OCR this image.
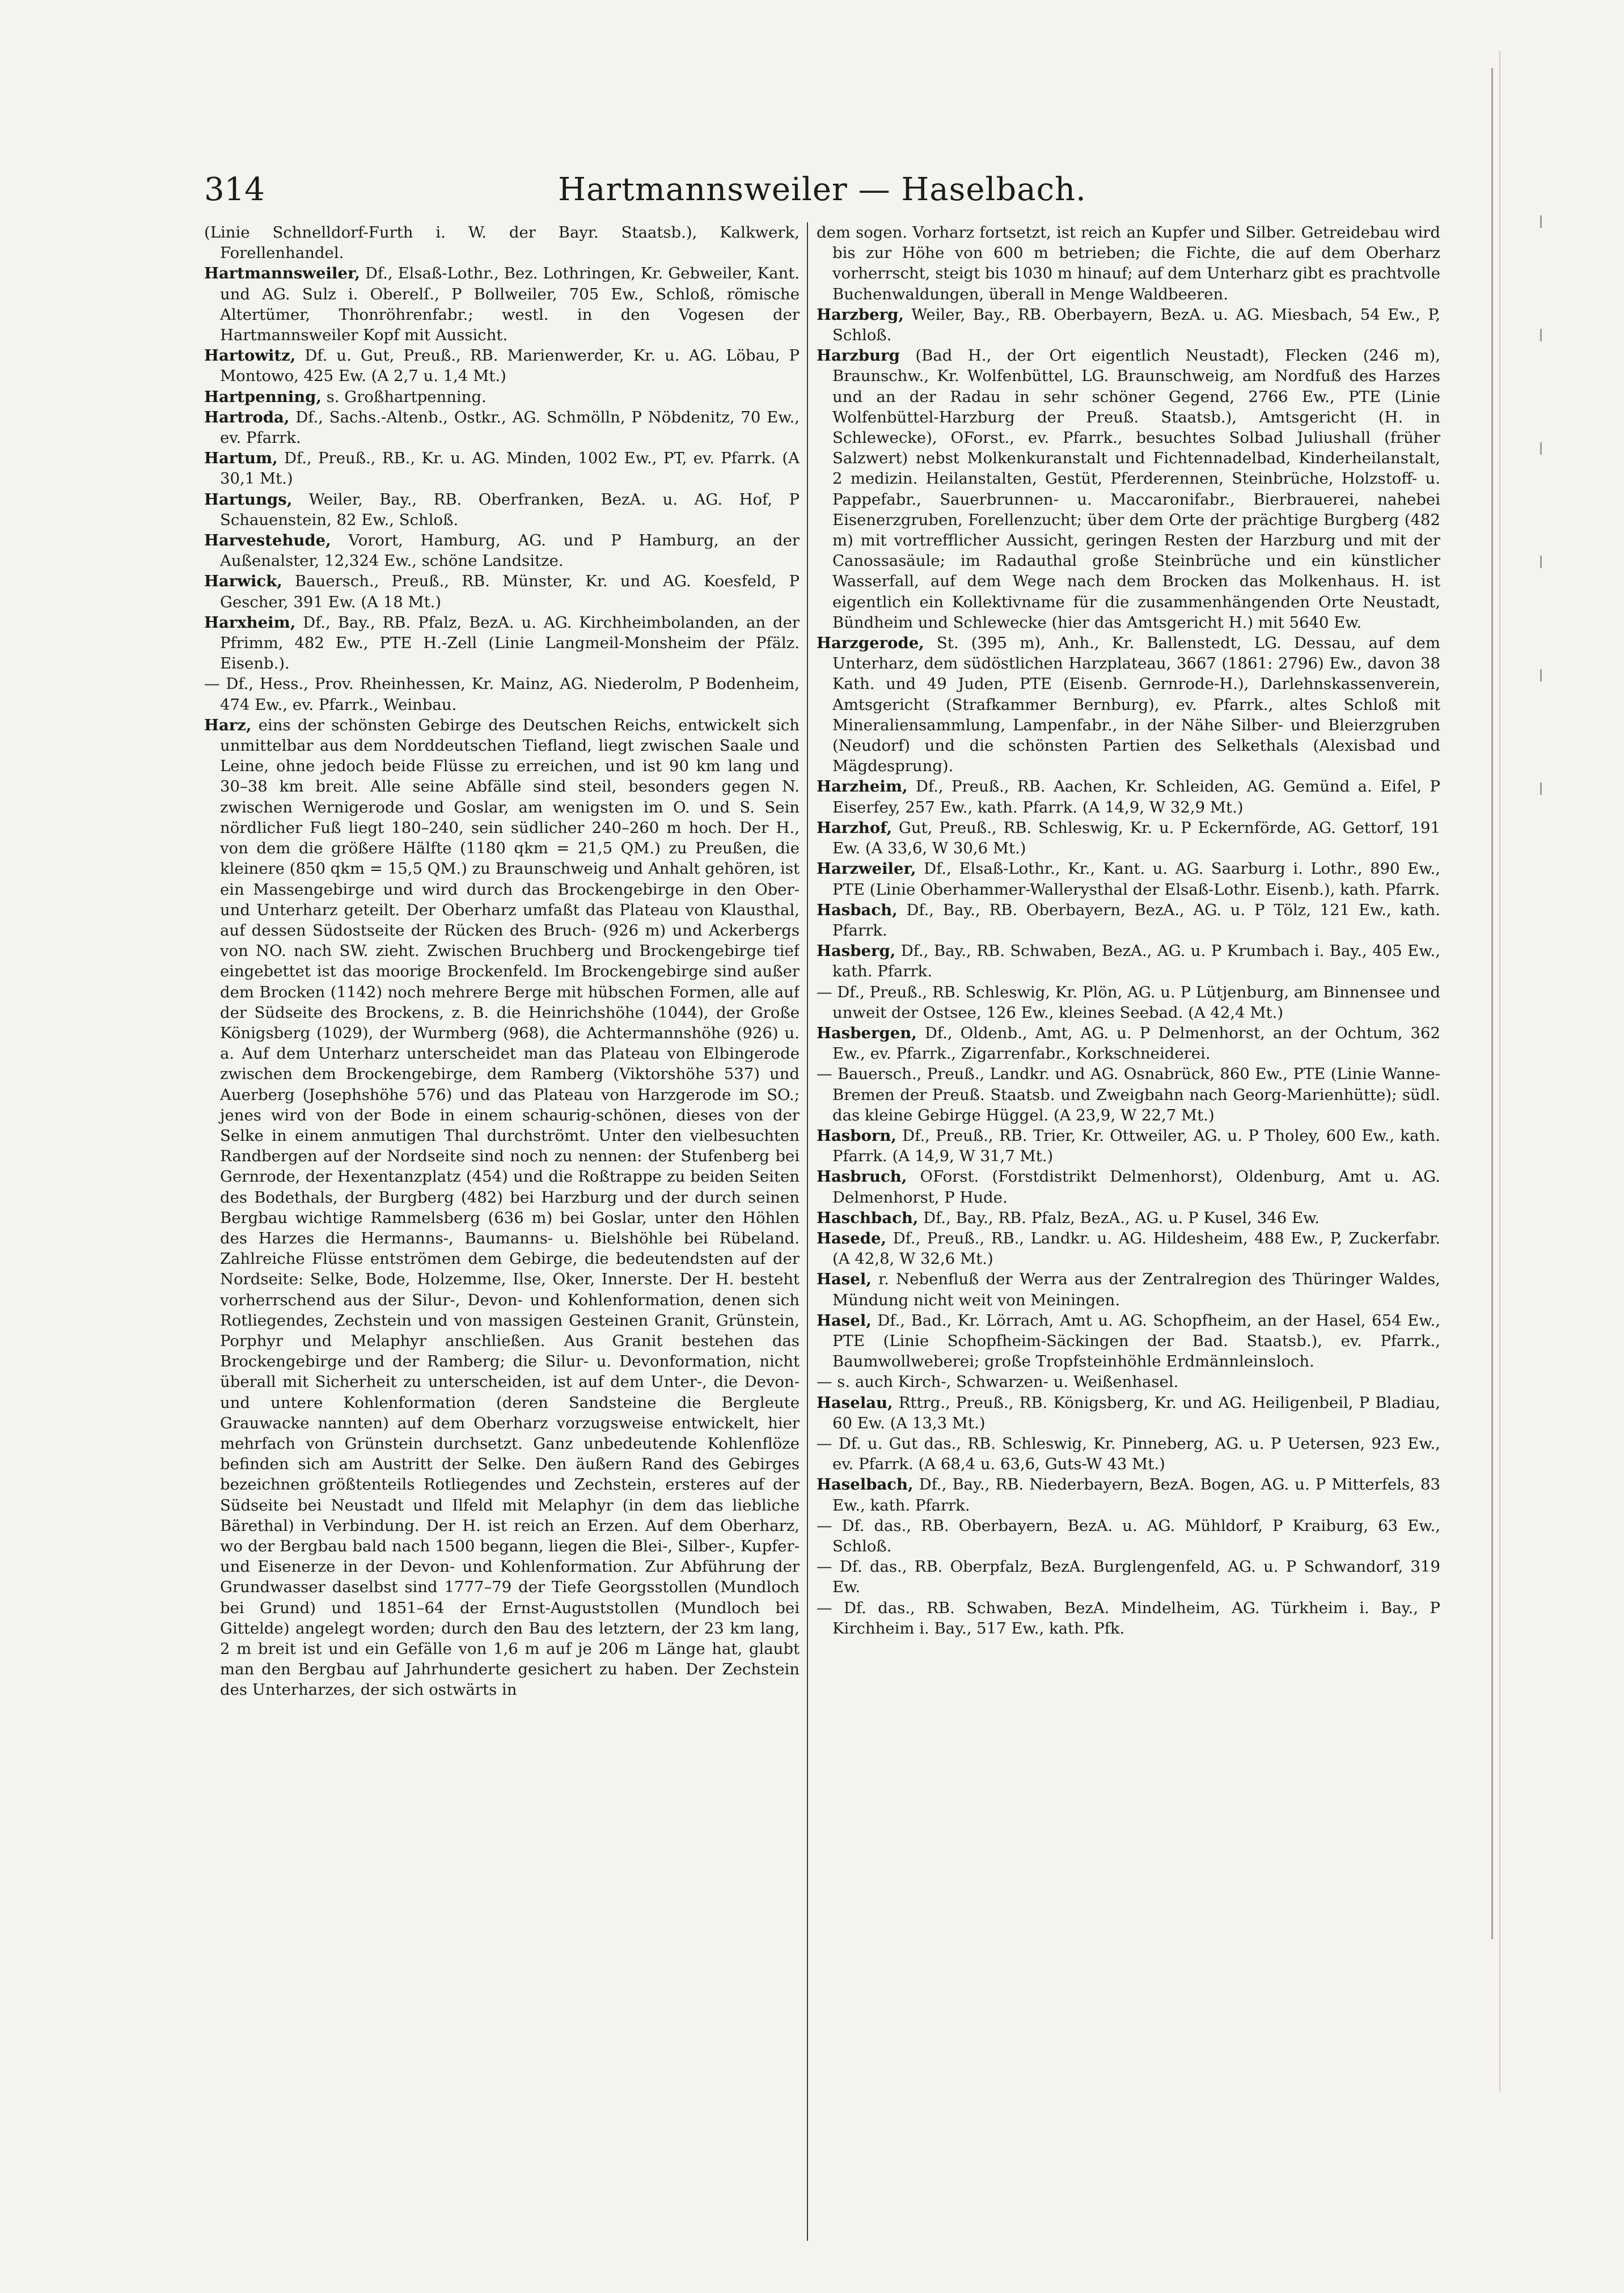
Hartmannsweiler — Haselbach.
314

(Linie Schnelldorf-Furth i. W. der Bayr. Staatsb.), Kalkwerk, Forellenhandel.

Hartmannsweiler, Df., Elsaß-Lothr., Bez. Lothringen, Kr. Gebweiler, Kant. und AG. Sulz i. Oberelſ., P Bollweiler, 705 Ew., Schloß, römische Altertümer, Thonröhrenfabr.; westl. in den Vogesen der Hartmannsweiler Kopf mit Aussicht.

Hartowitz, Df. u. Gut, Preuß., RB. Marienwerder, Kr. u. AG. Löbau, P Montowo, 425 Ew. (A 2,7 u. 1,4 Mt.)

Hartpenning, s. Großhartpenning.

Hartroda, Df., Sachs.-Altenb., Ostkr., AG. Schmölln, P Nöbdenitz, 70 Ew., ev. Pfarrk.

Hartum, Df., Preuß., RB., Kr. u. AG. Minden, 1002 Ew., PT, ev. Pfarrk. (A 30,1 Mt.)

Hartungs, Weiler, Bay., RB. Oberfranken, BezA. u. AG. Hof, P Schauenstein, 82 Ew., Schloß.

Harvestehude, Vorort, Hamburg, AG. und P Hamburg, an der Außenalster, 12,324 Ew., schöne Landsitze.

Harwick, Bauersch., Preuß., RB. Münster, Kr. und AG. Koesfeld, P Gescher, 391 Ew. (A 18 Mt.)

Harxheim, Df., Bay., RB. Pfalz, BezA. u. AG. Kirchheimbolanden, an der Pfrimm, 482 Ew., PTE H.-Zell (Linie Langmeil-Monsheim der Pfälz. Eisenb.).

— Df., Hess., Prov. Rheinhessen, Kr. Mainz, AG. Niederolm, P Bodenheim, 474 Ew., ev. Pfarrk., Weinbau.

Harz, eins der schönsten Gebirge des Deutschen Reichs, entwickelt sich unmittelbar aus dem Norddeutschen Tiefland, liegt zwischen Saale und Leine, ohne jedoch beide Flüsse zu erreichen, und ist 90 km lang und 30–38 km breit. Alle seine Abfälle sind steil, besonders gegen N. zwischen Wernigerode und Goslar, am wenigsten im O. und S. Sein nördlicher Fuß liegt 180–240, sein südlicher 240–260 m hoch. Der H., von dem die größere Hälfte (1180 qkm = 21,5 QM.) zu Preußen, die kleinere (850 qkm = 15,5 QM.) zu Braunschweig und Anhalt gehören, ist ein Massengebirge und wird durch das Brockengebirge in den Ober- und Unterharz geteilt. Der Oberharz umfaßt das Plateau von Klausthal, auf dessen Südostseite der Rücken des Bruch- (926 m) und Ackerbergs von NO. nach SW. zieht. Zwischen Bruchberg und Brockengebirge tief eingebettet ist das moorige Brockenfeld. Im Brockengebirge sind außer dem Brocken (1142) noch mehrere Berge mit hübschen Formen, alle auf der Südseite des Brockens, z. B. die Heinrichshöhe (1044), der Große Königsberg (1029), der Wurmberg (968), die Achtermannshöhe (926) u. a. Auf dem Unterharz unterscheidet man das Plateau von Elbingerode zwischen dem Brockengebirge, dem Ramberg (Viktorshöhe 537) und Auerberg (Josephshöhe 576) und das Plateau von Harzgerode im SO.; jenes wird von der Bode in einem schaurig-schönen, dieses von der Selke in einem anmutigen Thal durchströmt. Unter den vielbesuchten Randbergen auf der Nordseite sind noch zu nennen: der Stufenberg bei Gernrode, der Hexentanzplatz (454) und die Roßtrappe zu beiden Seiten des Bodethals, der Burgberg (482) bei Harzburg und der durch seinen Bergbau wichtige Rammelsberg (636 m) bei Goslar, unter den Höhlen des Harzes die Hermanns-, Baumanns- u. Bielshöhle bei Rübeland. Zahlreiche Flüsse entströmen dem Gebirge, die bedeutendsten auf der Nordseite: Selke, Bode, Holzemme, Ilse, Oker, Innerste. Der H. besteht vorherrschend aus der Silur-, Devon- und Kohlenformation, denen sich Rotliegendes, Zechstein und von massigen Gesteinen Granit, Grünstein, Porphyr und Melaphyr anschließen. Aus Granit bestehen das Brockengebirge und der Ramberg; die Silur- u. Devonformation, nicht überall mit Sicherheit zu unterscheiden, ist auf dem Unter-, die Devon- und untere Kohlenformation (deren Sandsteine die Bergleute Grauwacke nannten) auf dem Oberharz vorzugsweise entwickelt, hier mehrfach von Grünstein durchsetzt. Ganz unbedeutende Kohlenflöze befinden sich am Austritt der Selke. Den äußern Rand des Gebirges bezeichnen größtenteils Rotliegendes und Zechstein, ersteres auf der Südseite bei Neustadt und Ilfeld mit Melaphyr (in dem das liebliche Bärethal) in Verbindung. Der H. ist reich an Erzen. Auf dem Oberharz, wo der Bergbau bald nach 1500 begann, liegen die Blei-, Silber-, Kupfer- und Eisenerze in der Devon- und Kohlenformation. Zur Abführung der Grundwasser daselbst sind 1777–79 der Tiefe Georgsstollen (Mundloch bei Grund) und 1851–64 der Ernst-Auguststollen (Mundloch bei Gittelde) angelegt worden; durch den Bau des letztern, der 23 km lang, 2 m breit ist und ein Gefälle von 1,6 m auf je 206 m Länge hat, glaubt man den Bergbau auf Jahrhunderte gesichert zu haben. Der Zechstein des Unterharzes, der sich ostwärts in

dem sogen. Vorharz fortsetzt, ist reich an Kupfer und Silber. Getreidebau wird bis zur Höhe von 600 m betrieben; die Fichte, die auf dem Oberharz vorherrscht, steigt bis 1030 m hinauf; auf dem Unterharz gibt es prachtvolle Buchenwaldungen, überall in Menge Waldbeeren.

Harzberg, Weiler, Bay., RB. Oberbayern, BezA. u. AG. Miesbach, 54 Ew., P, Schloß.

Harzburg (Bad H., der Ort eigentlich Neustadt), Flecken (246 m), Braunschw., Kr. Wolfenbüttel, LG. Braunschweig, am Nordfuß des Harzes und an der Radau in sehr schöner Gegend, 2766 Ew., PTE (Linie Wolfenbüttel-Harzburg der Preuß. Staatsb.), Amtsgericht (H. in Schlewecke), OForst., ev. Pfarrk., besuchtes Solbad Juliushall (früher Salzwert) nebst Molkenkuranstalt und Fichtennadelbad, Kinderheilanstalt, 2 medizin. Heilanstalten, Gestüt, Pferderennen, Steinbrüche, Holzstoff- u. Pappefabr., Sauerbrunnen- u. Maccaronifabr., Bierbrauerei, nahebei Eisenerzgruben, Forellenzucht; über dem Orte der prächtige Burgberg (482 m) mit vortrefflicher Aussicht, geringen Resten der Harzburg und mit der Canossasäule; im Radauthal große Steinbrüche und ein künstlicher Wasserfall, auf dem Wege nach dem Brocken das Molkenhaus. H. ist eigentlich ein Kollektivname für die zusammenhängenden Orte Neustadt, Bündheim und Schlewecke (hier das Amtsgericht H.) mit 5640 Ew.

Harzgerode, St. (395 m), Anh., Kr. Ballenstedt, LG. Dessau, auf dem Unterharz, dem südöstlichen Harzplateau, 3667 (1861: 2796) Ew., davon 38 Kath. und 49 Juden, PTE (Eisenb. Gernrode-H.), Darlehnskassenverein, Amtsgericht (Strafkammer Bernburg), ev. Pfarrk., altes Schloß mit Mineraliensammlung, Lampenfabr., in der Nähe Silber- und Bleierzgruben (Neudorf) und die schönsten Partien des Selkethals (Alexisbad und Mägdesprung).

Harzheim, Df., Preuß., RB. Aachen, Kr. Schleiden, AG. Gemünd a. Eifel, P Eiserfey, 257 Ew., kath. Pfarrk. (A 14,9, W 32,9 Mt.)

Harzhof, Gut, Preuß., RB. Schleswig, Kr. u. P Eckernförde, AG. Gettorf, 191 Ew. (A 33,6, W 30,6 Mt.)

Harzweiler, Df., Elsaß-Lothr., Kr., Kant. u. AG. Saarburg i. Lothr., 890 Ew., PTE (Linie Oberhammer-Wallerysthal der Elsaß-Lothr. Eisenb.), kath. Pfarrk.

Hasbach, Df., Bay., RB. Oberbayern, BezA., AG. u. P Tölz, 121 Ew., kath. Pfarrk.

Hasberg, Df., Bay., RB. Schwaben, BezA., AG. u. P Krumbach i. Bay., 405 Ew., kath. Pfarrk.

— Df., Preuß., RB. Schleswig, Kr. Plön, AG. u. P Lütjenburg, am Binnensee und unweit der Ostsee, 126 Ew., kleines Seebad. (A 42,4 Mt.)

Hasbergen, Df., Oldenb., Amt, AG. u. P Delmenhorst, an der Ochtum, 362 Ew., ev. Pfarrk., Zigarrenfabr., Korkschneiderei.

— Bauersch., Preuß., Landkr. und AG. Osnabrück, 860 Ew., PTE (Linie Wanne-Bremen der Preuß. Staatsb. und Zweigbahn nach Georg-Marienhütte); südl. das kleine Gebirge Hüggel. (A 23,9, W 22,7 Mt.)

Hasborn, Df., Preuß., RB. Trier, Kr. Ottweiler, AG. u. P Tholey, 600 Ew., kath. Pfarrk. (A 14,9, W 31,7 Mt.)

Hasbruch, OForst. (Forstdistrikt Delmenhorst), Oldenburg, Amt u. AG. Delmenhorst, P Hude.

Haschbach, Df., Bay., RB. Pfalz, BezA., AG. u. P Kusel, 346 Ew.

Hasede, Df., Preuß., RB., Landkr. u. AG. Hildesheim, 488 Ew., P, Zuckerfabr. (A 42,8, W 32,6 Mt.)

Hasel, r. Nebenfluß der Werra aus der Zentralregion des Thüringer Waldes, Mündung nicht weit von Meiningen.

Hasel, Df., Bad., Kr. Lörrach, Amt u. AG. Schopfheim, an der Hasel, 654 Ew., PTE (Linie Schopfheim-Säckingen der Bad. Staatsb.), ev. Pfarrk., Baumwollweberei; große Tropfsteinhöhle Erdmännleinsloch.

— s. auch Kirch-, Schwarzen- u. Weißenhasel.

Haselau, Rttrg., Preuß., RB. Königsberg, Kr. und AG. Heiligenbeil, P Bladiau, 60 Ew. (A 13,3 Mt.)

— Df. u. Gut das., RB. Schleswig, Kr. Pinneberg, AG. u. P Uetersen, 923 Ew., ev. Pfarrk. (A 68,4 u. 63,6, Guts-W 43 Mt.)

Haselbach, Df., Bay., RB. Niederbayern, BezA. Bogen, AG. u. P Mitterfels, 83 Ew., kath. Pfarrk.

— Df. das., RB. Oberbayern, BezA. u. AG. Mühldorf, P Kraiburg, 63 Ew., Schloß.

— Df. das., RB. Oberpfalz, BezA. Burglengenfeld, AG. u. P Schwandorf, 319 Ew.

— Df. das., RB. Schwaben, BezA. Mindelheim, AG. Türkheim i. Bay., P Kirchheim i. Bay., 517 Ew., kath. Pfk.
